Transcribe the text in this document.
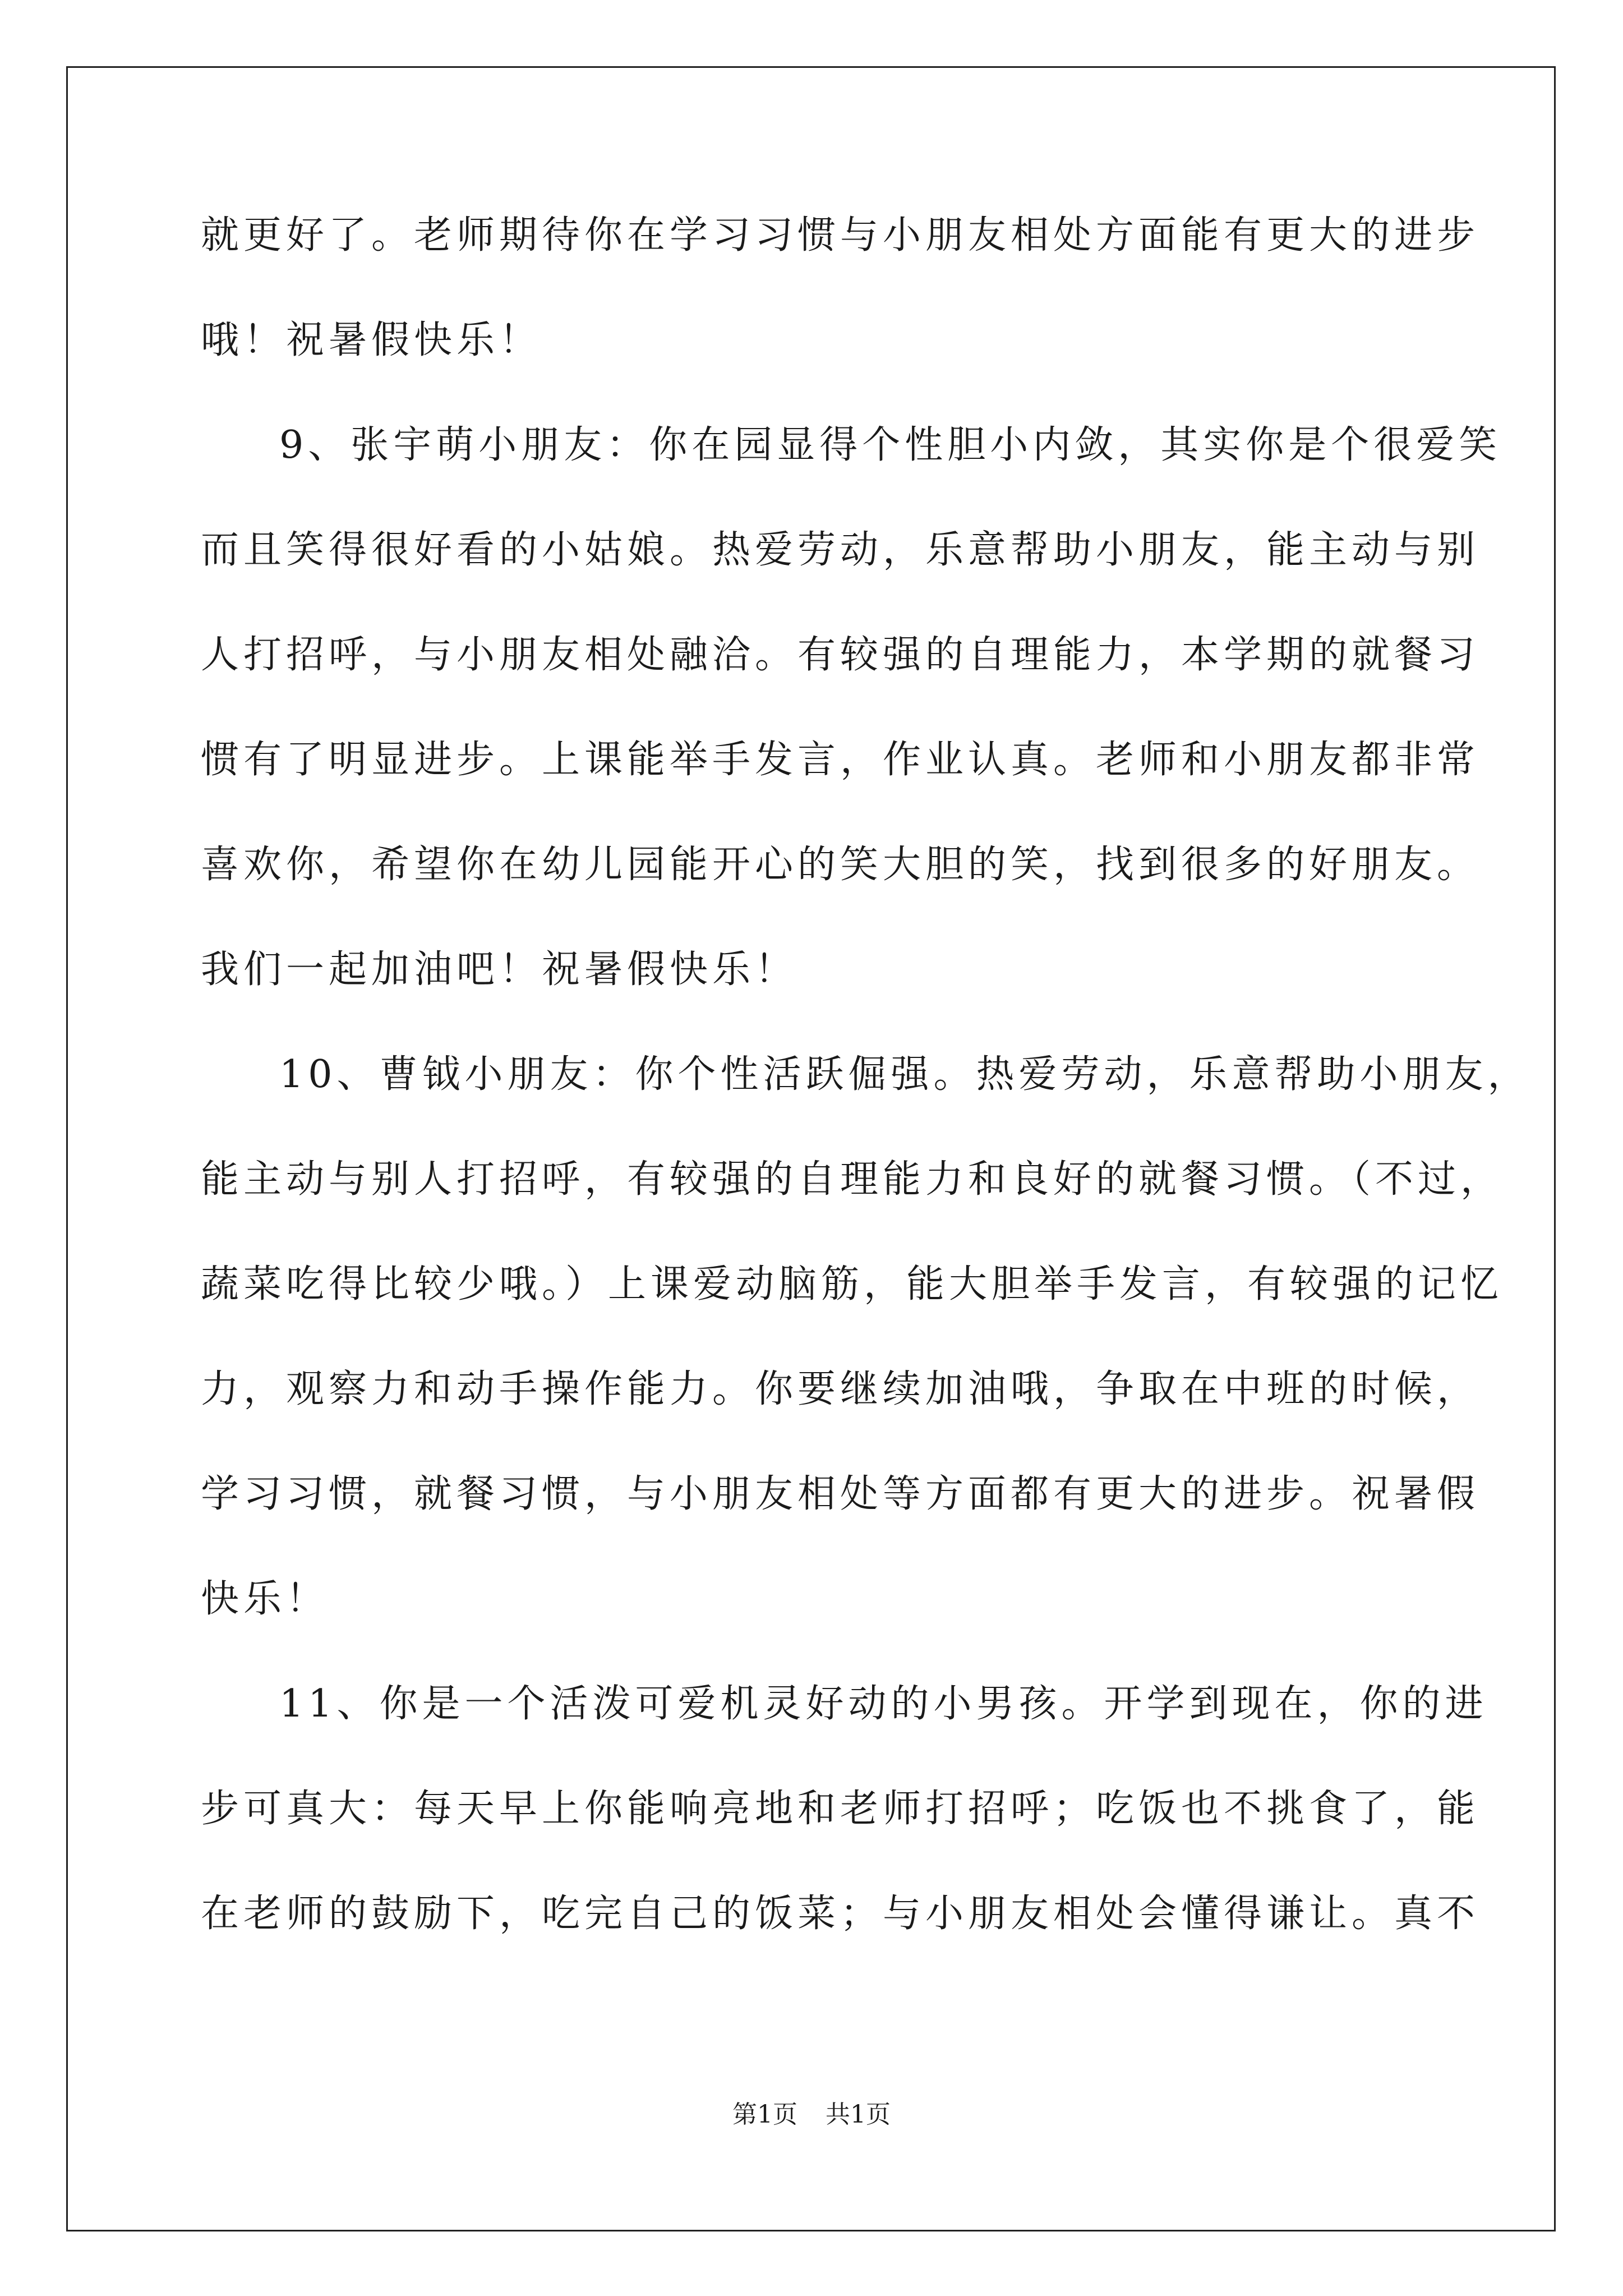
就更好了。老师期待你在学习习惯与小朋友相处方面能有更大的进步
哦！祝暑假快乐！
9、张宇萌小朋友：你在园显得个性胆小内敛，其实你是个很爱笑
而且笑得很好看的小姑娘。热爱劳动，乐意帮助小朋友，能主动与别
人打招呼，与小朋友相处融洽。有较强的自理能力，本学期的就餐习
惯有了明显进步。上课能举手发言，作业认真。老师和小朋友都非常
喜欢你，希望你在幼儿园能开心的笑大胆的笑，找到很多的好朋友。
我们一起加油吧！祝暑假快乐！
10、曹钺小朋友：你个性活跃倔强。热爱劳动，乐意帮助小朋友，
能主动与别人打招呼，有较强的自理能力和良好的就餐习惯。（不过，
蔬菜吃得比较少哦。）上课爱动脑筋，能大胆举手发言，有较强的记忆
力，观察力和动手操作能力。你要继续加油哦，争取在中班的时候，
学习习惯，就餐习惯，与小朋友相处等方面都有更大的进步。祝暑假
快乐！
11、你是一个活泼可爱机灵好动的小男孩。开学到现在，你的进
步可真大：每天早上你能响亮地和老师打招呼；吃饭也不挑食了，能
在老师的鼓励下，吃完自己的饭菜；与小朋友相处会懂得谦让。真不
第1页 共1页
